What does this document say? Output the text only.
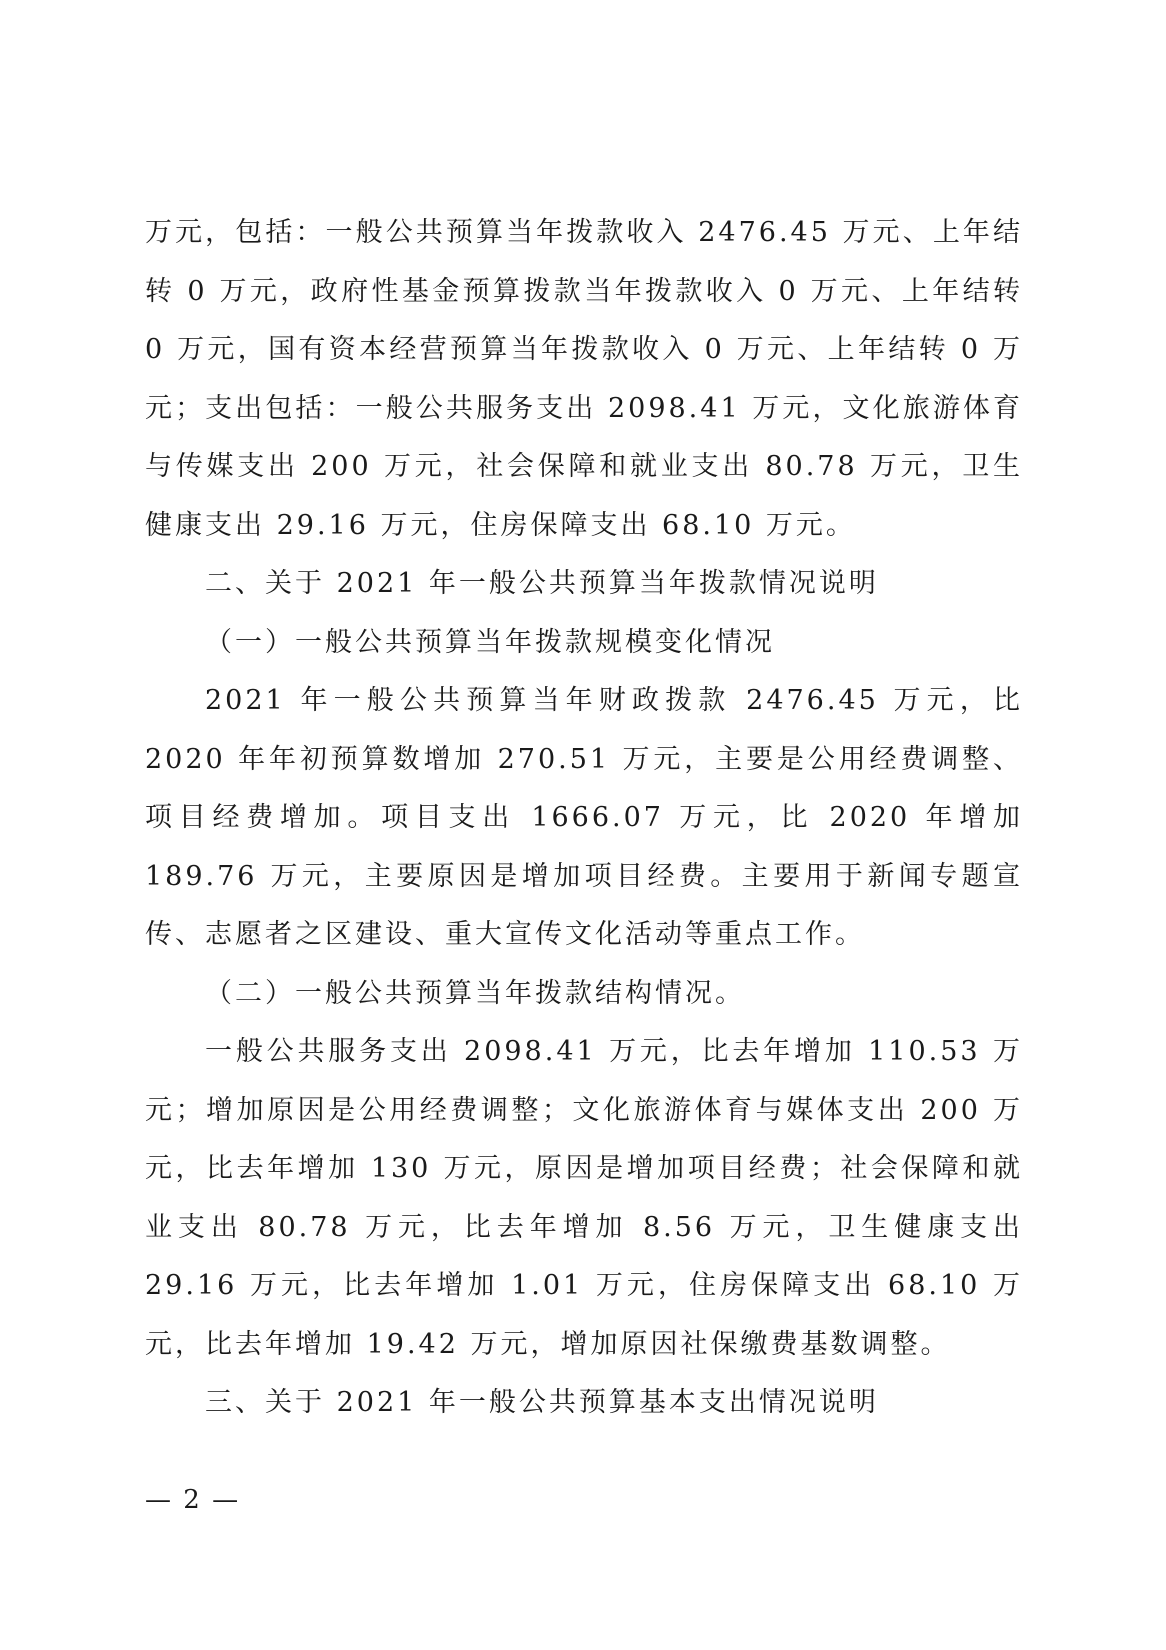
万元，包括：一般公共预算当年拨款收入 2476.45 万元、上年结转 0 万元，政府性基金预算拨款当年拨款收入 0 万元、上年结转 0 万元，国有资本经营预算当年拨款收入 0 万元、上年结转 0 万元；支出包括：一般公共服务支出 2098.41 万元，文化旅游体育与传媒支出 200 万元，社会保障和就业支出 80.78 万元，卫生健康支出 29.16 万元，住房保障支出 68.10 万元。

二、关于 2021 年一般公共预算当年拨款情况说明

（一）一般公共预算当年拨款规模变化情况

2021 年一般公共预算当年财政拨款 2476.45 万元，比 2020 年年初预算数增加 270.51 万元，主要是公用经费调整、项目经费增加。项目支出 1666.07 万元，比 2020 年增加 189.76 万元，主要原因是增加项目经费。主要用于新闻专题宣传、志愿者之区建设、重大宣传文化活动等重点工作。

（二）一般公共预算当年拨款结构情况。

一般公共服务支出 2098.41 万元，比去年增加 110.53 万元；增加原因是公用经费调整；文化旅游体育与媒体支出 200 万元，比去年增加 130 万元，原因是增加项目经费；社会保障和就业支出 80.78 万元，比去年增加 8.56 万元，卫生健康支出 29.16 万元，比去年增加 1.01 万元，住房保障支出 68.10 万元，比去年增加 19.42 万元，增加原因社保缴费基数调整。

三、关于 2021 年一般公共预算基本支出情况说明

— 2 —
